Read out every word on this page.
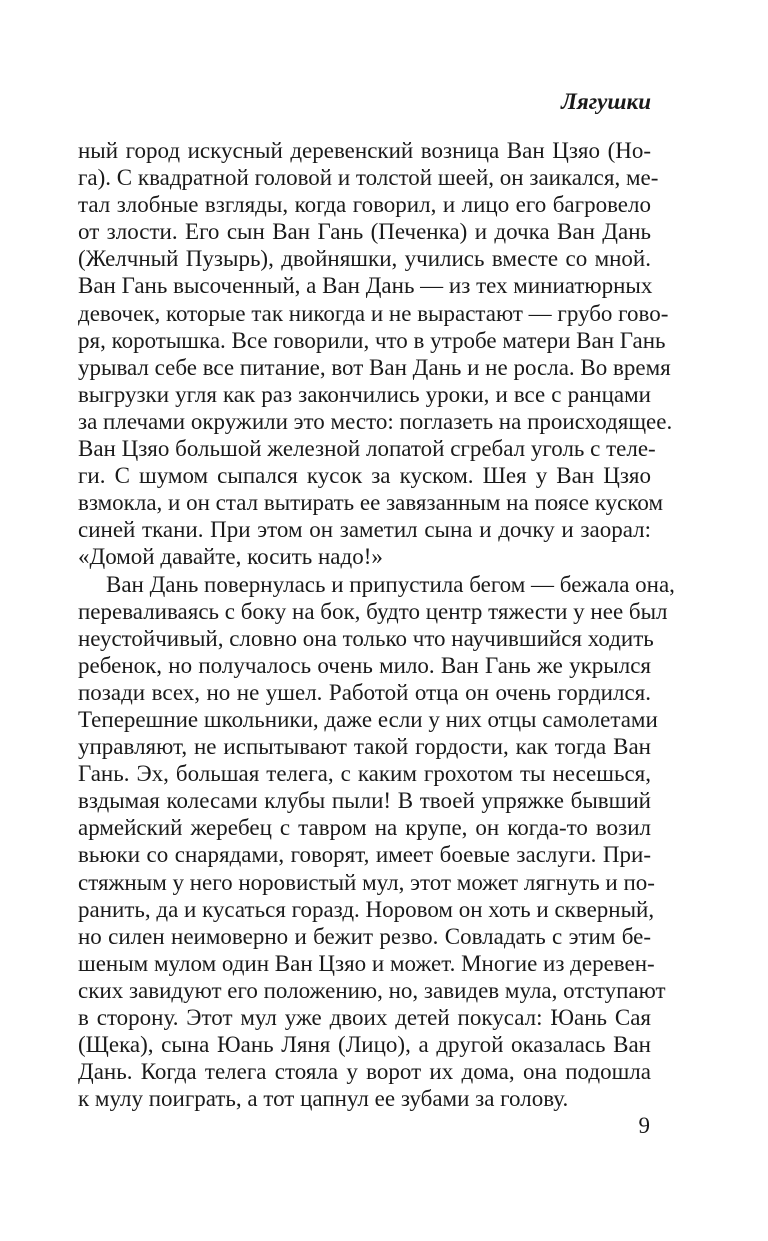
Лягушки
ный город искусный деревенский возница Ван Цзяо (Но-
га). С квадратной головой и толстой шеей, он заикался, ме-
тал злобные взгляды, когда говорил, и лицо его багровело
от злости. Его сын Ван Гань (Печенка) и дочка Ван Дань
(Желчный Пузырь), двойняшки, учились вместе со мной.
Ван Гань высоченный, а Ван Дань — из тех миниатюрных
девочек, которые так никогда и не вырастают — грубо гово-
ря, коротышка. Все говорили, что в утробе матери Ван Гань
урывал себе все питание, вот Ван Дань и не росла. Во время
выгрузки угля как раз закончились уроки, и все с ранцами
за плечами окружили это место: поглазеть на происходящее.
Ван Цзяо большой железной лопатой сгребал уголь с теле-
ги. С шумом сыпался кусок за куском. Шея у Ван Цзяо
взмокла, и он стал вытирать ее завязанным на поясе куском
синей ткани. При этом он заметил сына и дочку и заорал:
«Домой давайте, косить надо!»
Ван Дань повернулась и припустила бегом — бежала она,
переваливаясь с боку на бок, будто центр тяжести у нее был
неустойчивый, словно она только что научившийся ходить
ребенок, но получалось очень мило. Ван Гань же укрылся
позади всех, но не ушел. Работой отца он очень гордился.
Теперешние школьники, даже если у них отцы самолетами
управляют, не испытывают такой гордости, как тогда Ван
Гань. Эх, большая телега, с каким грохотом ты несешься,
вздымая колесами клубы пыли! В твоей упряжке бывший
армейский жеребец с тавром на крупе, он когда-то возил
вьюки со снарядами, говорят, имеет боевые заслуги. При-
стяжным у него норовистый мул, этот может лягнуть и по-
ранить, да и кусаться горазд. Норовом он хоть и скверный,
но силен неимоверно и бежит резво. Совладать с этим бе-
шеным мулом один Ван Цзяо и может. Многие из деревен-
ских завидуют его положению, но, завидев мула, отступают
в сторону. Этот мул уже двоих детей покусал: Юань Сая
(Щека), сына Юань Ляня (Лицо), а другой оказалась Ван
Дань. Когда телега стояла у ворот их дома, она подошла
к мулу поиграть, а тот цапнул ее зубами за голову.
9
